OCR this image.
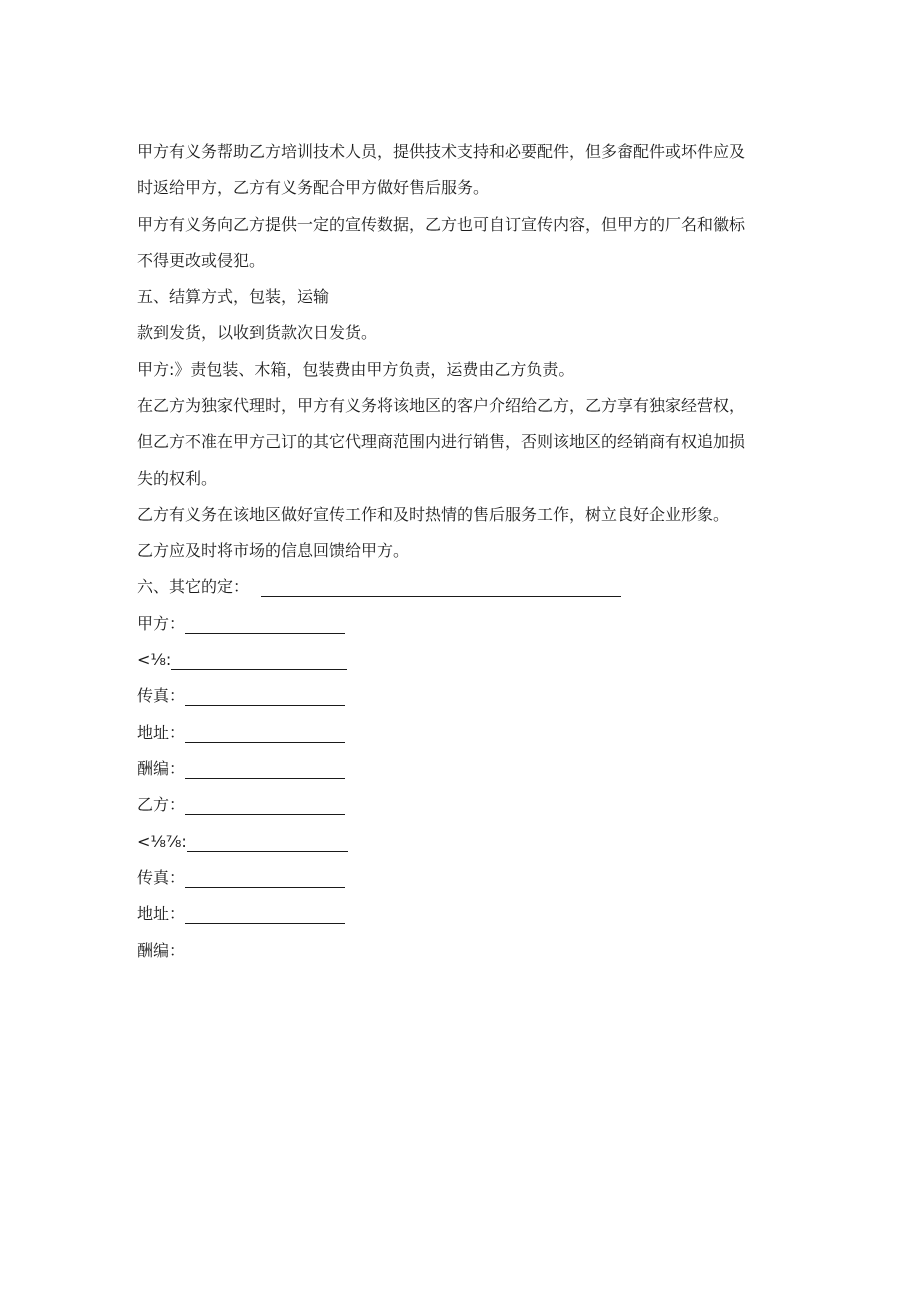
甲方有义务帮助乙方培训技术人员，提供技术支持和必要配件，但多畲配件或坏件应及
时返给甲方，乙方有义务配合甲方做好售后服务。
甲方有义务向乙方提供一定的宣传数据，乙方也可自订宣传内容，但甲方的厂名和徽标
不得更改或侵犯。
五、结算方式，包装，运输
款到发货，以收到货款次日发货。
甲方:》责包装、木箱，包装费由甲方负责，运费由乙方负责。
在乙方为独家代理时，甲方有义务将该地区的客户介绍给乙方，乙方享有独家经营权，
但乙方不准在甲方己订的其它代理商范围内进行销售，否则该地区的经销商有权追加损
失的权利。
乙方有义务在该地区做好宣传工作和及时热情的售后服务工作，树立良好企业形象。
乙方应及时将市场的信息回馈给甲方。
六、其它的定：
甲方：
<⅛:
传真：
地址：
酬编：
乙方：
<⅛⅞:
传真：
地址：
酬编：
